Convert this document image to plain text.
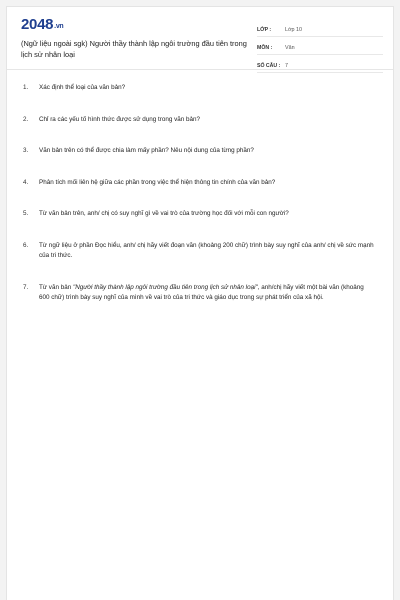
2048.vn
(Ngữ liệu ngoài sgk) Người thầy thành lập ngôi trường đầu tiên trong lịch sử nhân loại
LỚP :	Lớp 10
MÔN :	Văn
SỐ CÂU : 7
1. Xác định thể loại của văn bản?
2. Chỉ ra các yếu tố hình thức được sử dụng trong văn bản?
3. Văn bản trên có thể được chia làm mấy phần? Nêu nội dung của từng phần?
4. Phân tích mối liên hệ giữa các phần trong việc thể hiện thông tin chính của văn bản?
5. Từ văn bản trên, anh/ chị có suy nghĩ gì về vai trò của trường học đối với mỗi con người?
6. Từ ngữ liệu ở phần Đọc hiểu, anh/ chị hãy viết đoạn văn (khoảng 200 chữ) trình bày suy nghĩ của anh/ chị về sức mạnh của tri thức.
7. Từ văn bản "Người thầy thành lập ngôi trường đầu tiên trong lịch sử nhân loại", anh/chị hãy viết một bài văn (khoảng 600 chữ) trình bày suy nghĩ của mình về vai trò của tri thức và giáo dục trong sự phát triển của xã hội.
